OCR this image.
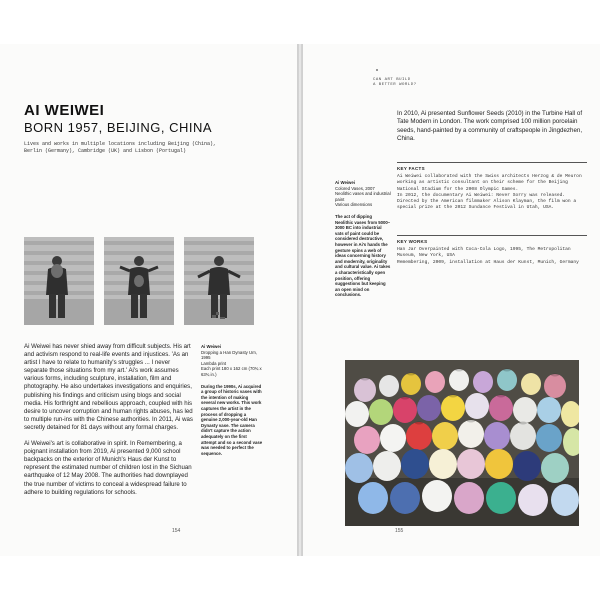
AI WEIWEI
BORN 1957, BEIJING, CHINA
Lives and works in multiple locations including Beijing (China), Berlin (Germany), Cambridge (UK) and Lisbon (Portugal)

Ai Weiwei has never shied away from difficult subjects. His art and activism respond to real-life events and injustices. 'As an artist I have to relate to humanity's struggles ... I never separate those situations from my art.' Ai's work assumes various forms, including sculpture, installation, film and photography. He also undertakes investigations and enquiries, publishing his findings and criticism using blogs and social media. His forthright and rebellious approach, coupled with his desire to uncover corruption and human rights abuses, has led to multiple run-ins with the Chinese authorities. In 2011, Ai was secretly detained for 81 days without any formal charges.

Ai Weiwei's art is collaborative in spirit. In Remembering, a poignant installation from 2019, Ai presented 9,000 school backpacks on the exterior of Munich's Haus der Kunst to represent the estimated number of children lost in the Sichuan earthquake of 12 May 2008. The authorities had downplayed the true number of victims to conceal a widespread failure to adhere to building regulations for schools.

Ai Weiwei
Dropping a Han Dynasty Urn, 1995
Lambda print
Each print 180 x 162 cm (70¾ x 63¾ in.)
During the 1990s, Ai acquired a group of historic vases with the intention of making several new works. This work captures the artist in the process of dropping a genuine 2,000-year-old Han Dynasty vase. The camera didn't capture the action adequately on the first attempt and so a second vase was needed to perfect the sequence.
154
In 2010, Ai presented Sunflower Seeds (2010) in the Turbine Hall of Tate Modern in London. The work comprised 100 million porcelain seeds, hand-painted by a community of craftspeople in Jingdezhen, China.
Ai Weiwei
Colored Vases, 2007
Neolithic vases and industrial paint
Various dimensions
The act of dipping Neolithic vases from 5000–3000 BC into industrial vats of paint could be considered destructive, however in Ai's hands the gesture spins a web of ideas concerning history and modernity, originality and cultural value. Ai takes a characteristically open position, offering suggestions but keeping an open mind on conclusions.
KEY FACTS
Ai Weiwei collaborated with the Swiss architects Herzog & de Meuron working as artistic consultant on their scheme for the Beijing National Stadium for the 2008 Olympic Games.
In 2012, the documentary Ai Weiwei: Never Sorry was released. Directed by the American filmmaker Alison Klayman, the film won a special prize at the 2012 Sundance Festival in Utah, USA.
KEY WORKS
Han Jar Overpainted with Coca-Cola Logo, 1995, The Metropolitan Museum, New York, USA
Remembering, 2009, installation at Haus der Kunst, Munich, Germany
155
CAN ART BUILD
A BETTER WORLD?
